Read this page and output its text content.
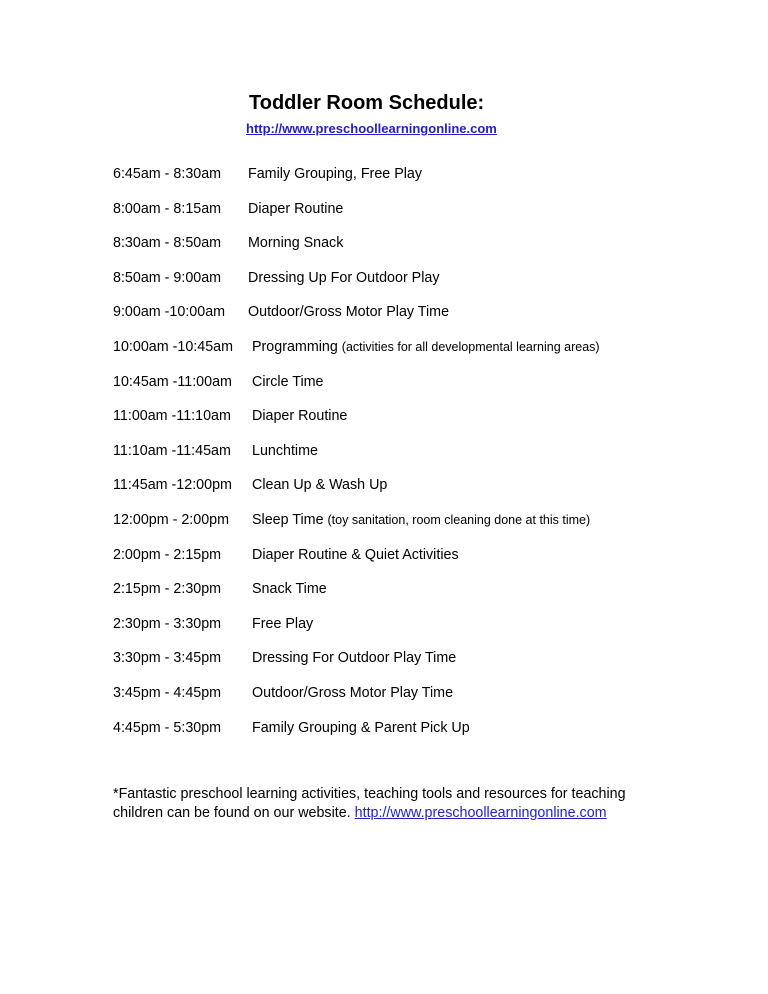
Toddler Room Schedule:
http://www.preschoollearningonline.com
6:45am - 8:30am Family Grouping, Free Play
8:00am - 8:15am Diaper Routine
8:30am - 8:50am Morning Snack
8:50am - 9:00am Dressing Up For Outdoor Play
9:00am -10:00am Outdoor/Gross Motor Play Time
10:00am -10:45am Programming (activities for all developmental learning areas)
10:45am -11:00am Circle Time
11:00am -11:10am Diaper Routine
11:10am -11:45am Lunchtime
11:45am -12:00pm Clean Up & Wash Up
12:00pm - 2:00pm Sleep Time (toy sanitation, room cleaning done at this time)
2:00pm - 2:15pm Diaper Routine & Quiet Activities
2:15pm - 2:30pm Snack Time
2:30pm - 3:30pm Free Play
3:30pm - 3:45pm Dressing For Outdoor Play Time
3:45pm - 4:45pm Outdoor/Gross Motor Play Time
4:45pm - 5:30pm Family Grouping & Parent Pick Up
*Fantastic preschool learning activities, teaching tools and resources for teaching children can be found on our website. http://www.preschoollearningonline.com
